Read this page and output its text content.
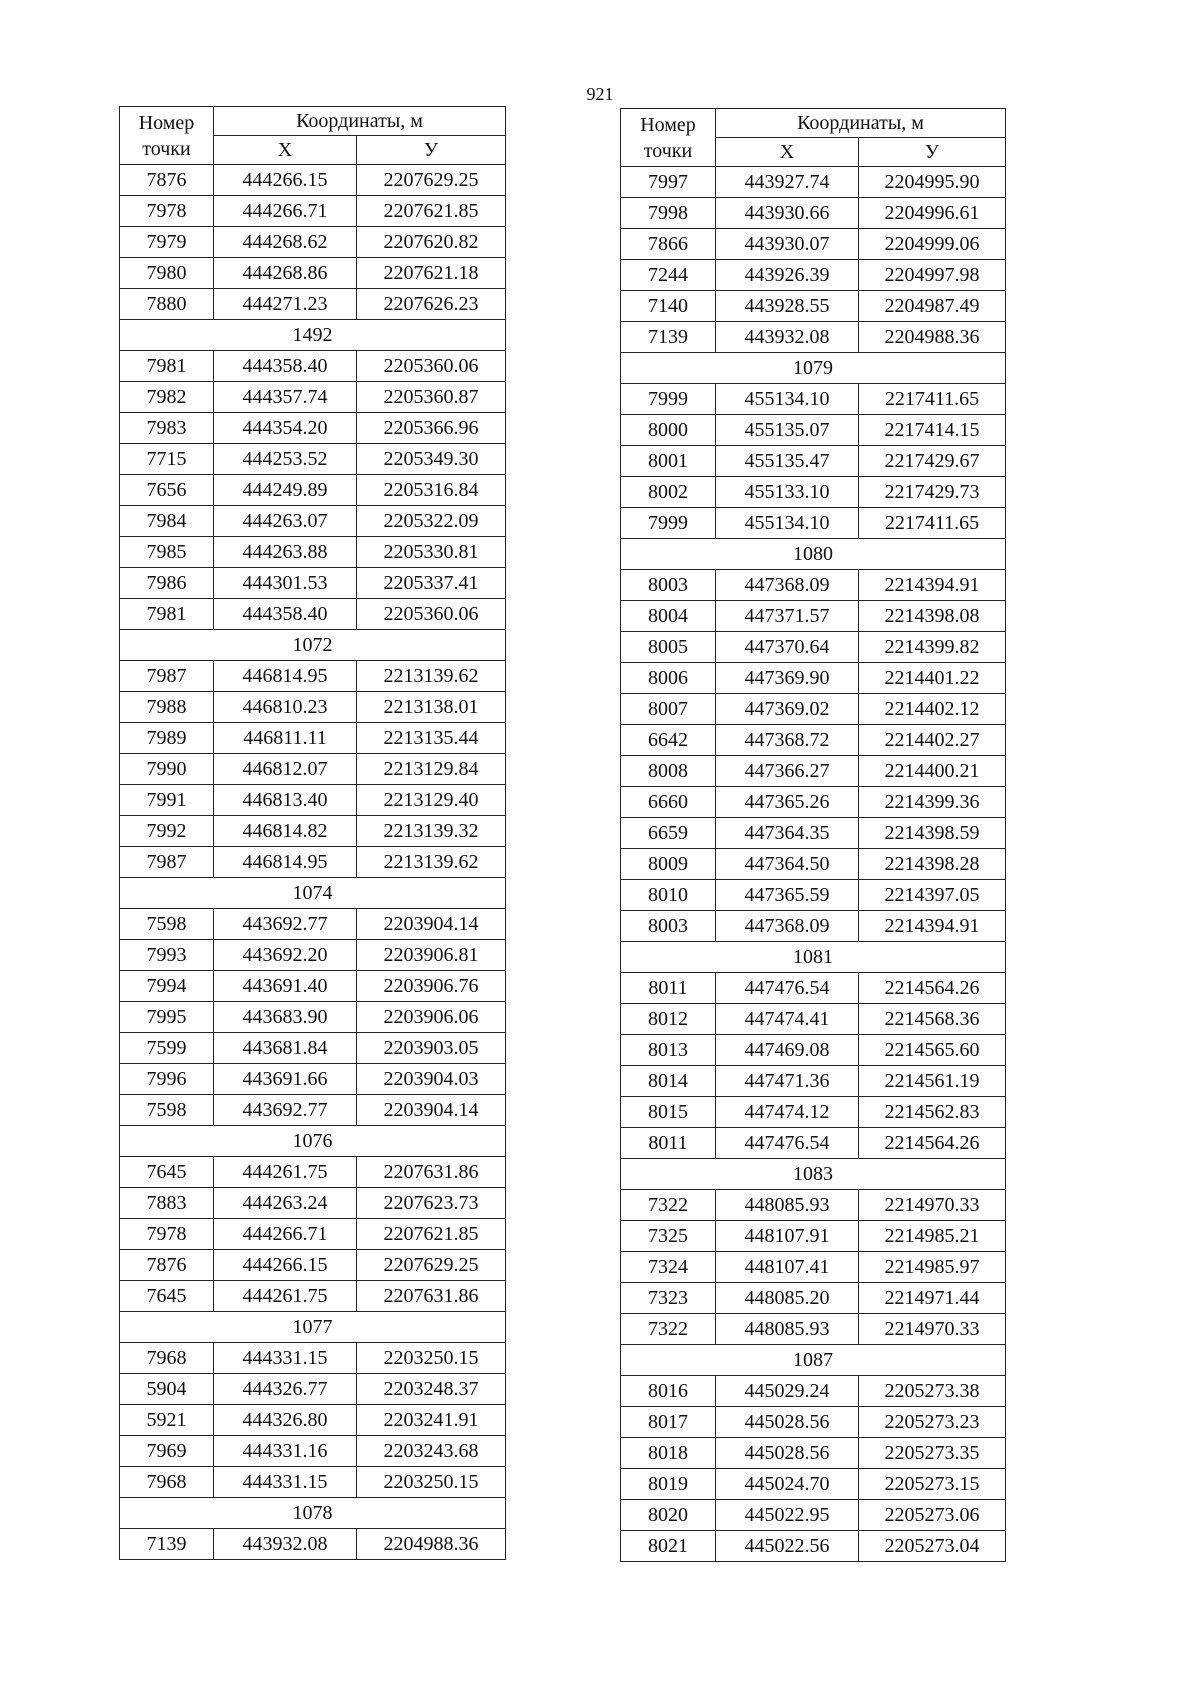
921
Номер точки	Координаты, м	
	X	У
7876	444266.15	2207629.25
7978	444266.71	2207621.85
7979	444268.62	2207620.82
7980	444268.86	2207621.18
7880	444271.23	2207626.23
1492		
7981	444358.40	2205360.06
7982	444357.74	2205360.87
7983	444354.20	2205366.96
7715	444253.52	2205349.30
7656	444249.89	2205316.84
7984	444263.07	2205322.09
7985	444263.88	2205330.81
7986	444301.53	2205337.41
7981	444358.40	2205360.06
1072		
7987	446814.95	2213139.62
7988	446810.23	2213138.01
7989	446811.11	2213135.44
7990	446812.07	2213129.84
7991	446813.40	2213129.40
7992	446814.82	2213139.32
7987	446814.95	2213139.62
1074		
7598	443692.77	2203904.14
7993	443692.20	2203906.81
7994	443691.40	2203906.76
7995	443683.90	2203906.06
7599	443681.84	2203903.05
7996	443691.66	2203904.03
7598	443692.77	2203904.14
1076		
7645	444261.75	2207631.86
7883	444263.24	2207623.73
7978	444266.71	2207621.85
7876	444266.15	2207629.25
7645	444261.75	2207631.86
1077		
7968	444331.15	2203250.15
5904	444326.77	2203248.37
5921	444326.80	2203241.91
7969	444331.16	2203243.68
7968	444331.15	2203250.15
1078		
7139	443932.08	2204988.36
Номер точки	Координаты, м	
	X	У
7997	443927.74	2204995.90
7998	443930.66	2204996.61
7866	443930.07	2204999.06
7244	443926.39	2204997.98
7140	443928.55	2204987.49
7139	443932.08	2204988.36
1079		
7999	455134.10	2217411.65
8000	455135.07	2217414.15
8001	455135.47	2217429.67
8002	455133.10	2217429.73
7999	455134.10	2217411.65
1080		
8003	447368.09	2214394.91
8004	447371.57	2214398.08
8005	447370.64	2214399.82
8006	447369.90	2214401.22
8007	447369.02	2214402.12
6642	447368.72	2214402.27
8008	447366.27	2214400.21
6660	447365.26	2214399.36
6659	447364.35	2214398.59
8009	447364.50	2214398.28
8010	447365.59	2214397.05
8003	447368.09	2214394.91
1081		
8011	447476.54	2214564.26
8012	447474.41	2214568.36
8013	447469.08	2214565.60
8014	447471.36	2214561.19
8015	447474.12	2214562.83
8011	447476.54	2214564.26
1083		
7322	448085.93	2214970.33
7325	448107.91	2214985.21
7324	448107.41	2214985.97
7323	448085.20	2214971.44
7322	448085.93	2214970.33
1087		
8016	445029.24	2205273.38
8017	445028.56	2205273.23
8018	445028.56	2205273.35
8019	445024.70	2205273.15
8020	445022.95	2205273.06
8021	445022.56	2205273.04
